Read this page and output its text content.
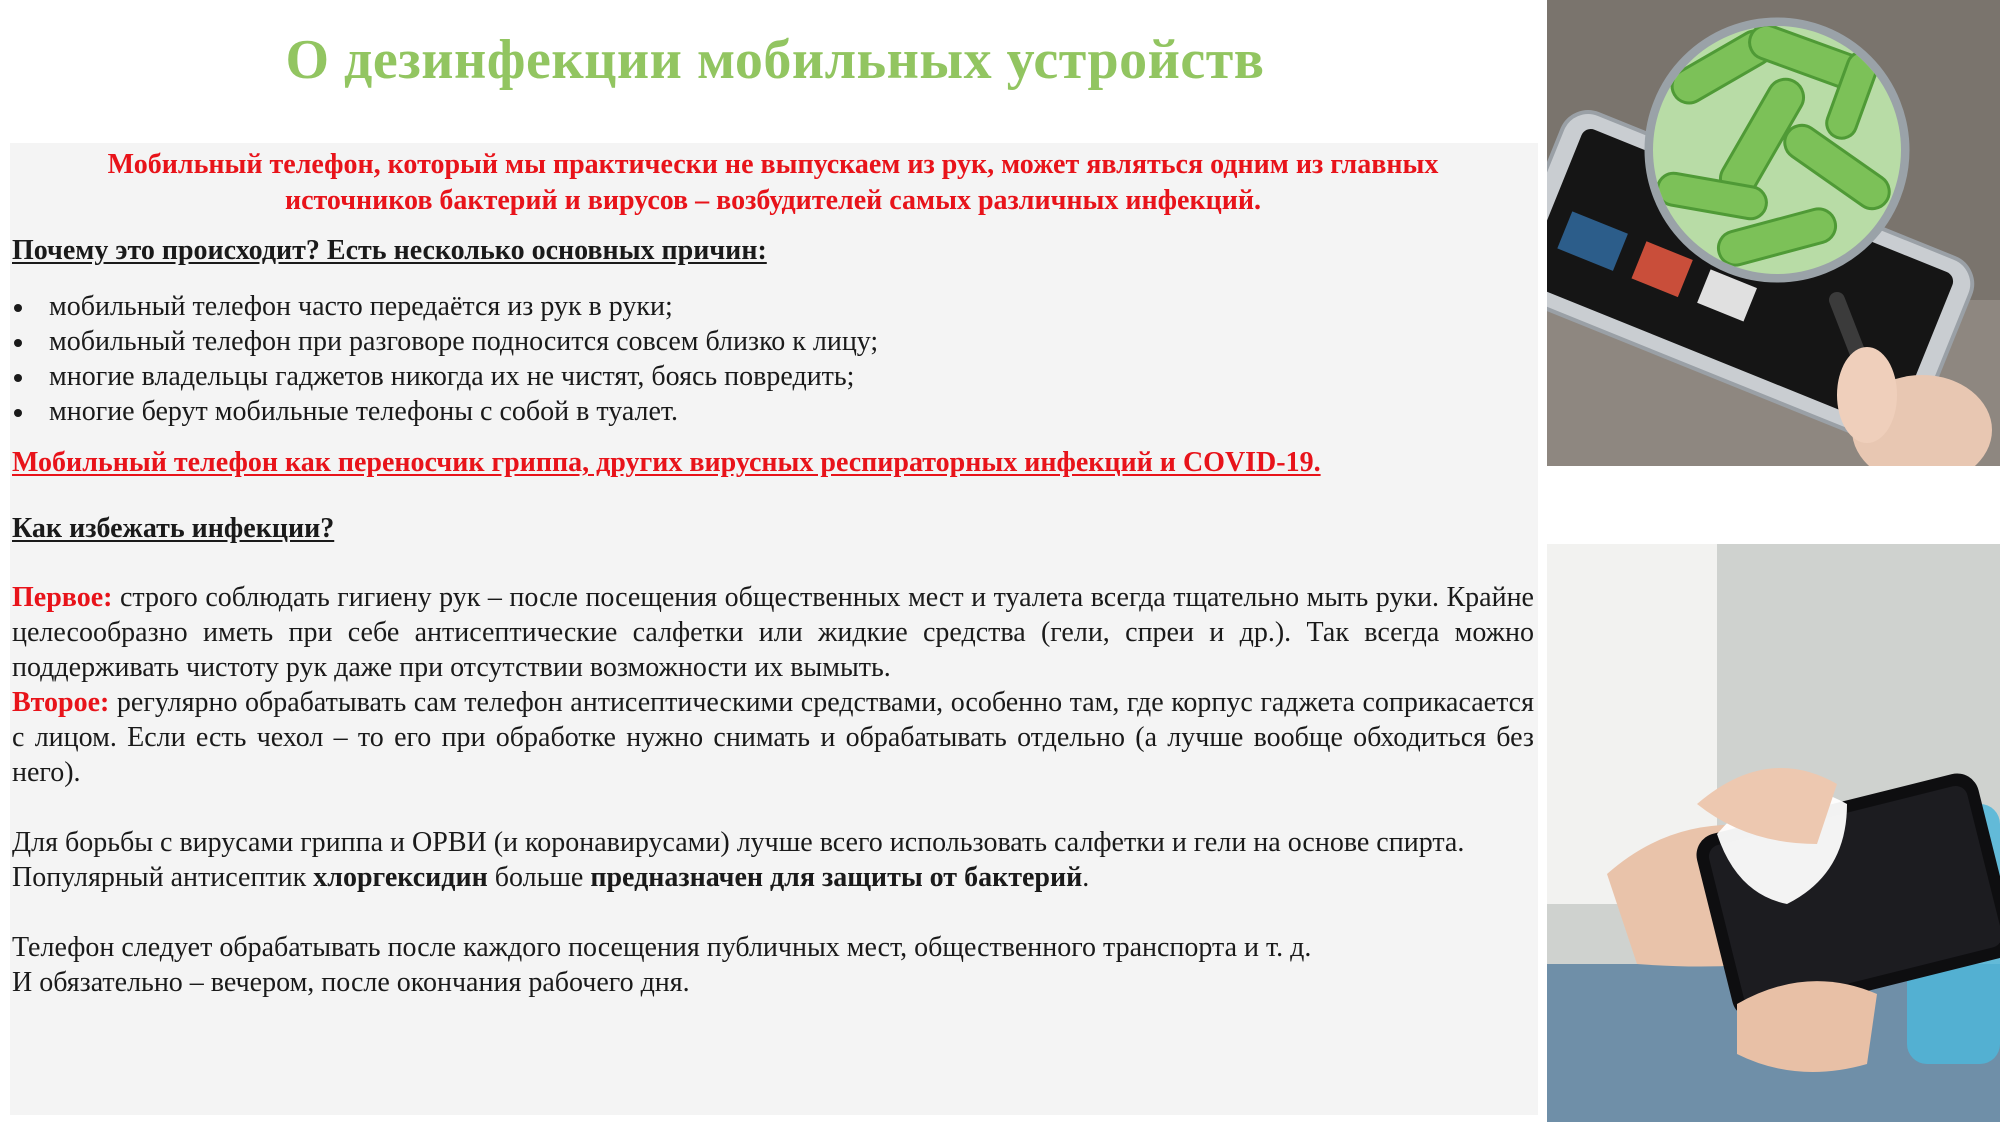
О дезинфекции мобильных устройств

Мобильный телефон, который мы практически не выпускаем из рук, может являться одним из главных
источников бактерий и вирусов – возбудителей самых различных инфекций.

Почему это происходит? Есть несколько основных причин:

мобильный телефон часто передаётся из рук в руки;
мобильный телефон при разговоре подносится совсем близко к лицу;
многие владельцы гаджетов никогда их не чистят, боясь повредить;
многие берут мобильные телефоны с собой в туалет.

Мобильный телефон как переносчик гриппа, других вирусных респираторных инфекций и COVID-19.

Как избежать инфекции?

Первое: строго соблюдать гигиену рук – после посещения общественных мест и туалета всегда тщательно мыть руки. Крайне целесообразно иметь при себе антисептические салфетки или жидкие средства (гели, спреи и др.). Так всегда можно поддерживать чистоту рук даже при отсутствии возможности их вымыть.

Второе: регулярно обрабатывать сам телефон антисептическими средствами, особенно там, где корпус гаджета соприкасается с лицом. Если есть чехол – то его при обработке нужно снимать и обрабатывать отдельно (а лучше вообще обходиться без него).

Для борьбы с вирусами гриппа и ОРВИ (и коронавирусами) лучше всего использовать салфетки и гели на основе спирта.
Популярный антисептик хлоргексидин больше предназначен для защиты от бактерий.

Телефон следует обрабатывать после каждого посещения публичных мест, общественного транспорта и т. д.
И обязательно – вечером, после окончания рабочего дня.
